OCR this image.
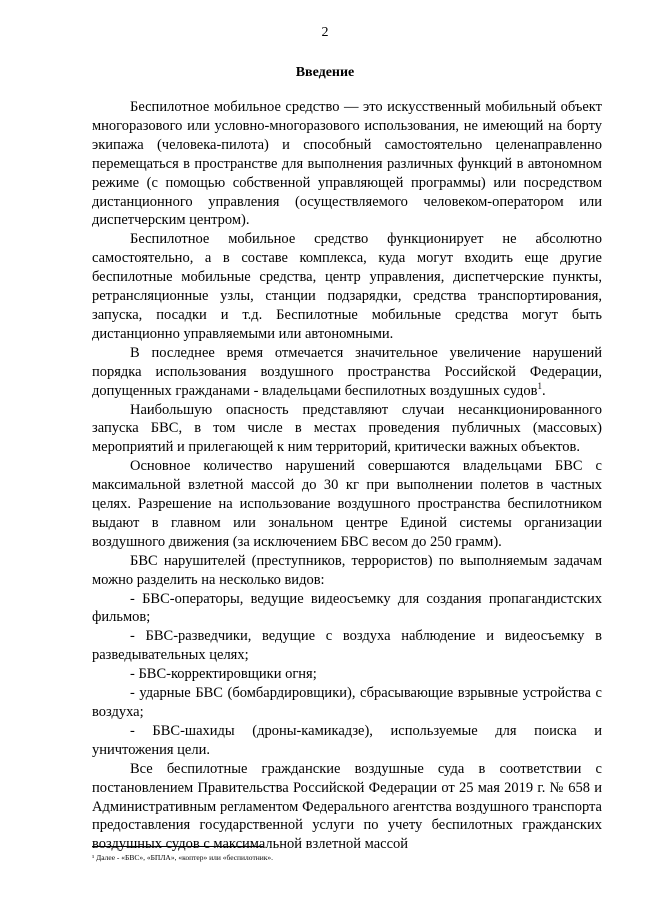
2
Введение

Беспилотное мобильное средство — это искусственный мобильный объект многоразового или условно-многоразового использования, не имеющий на борту экипажа (человека-пилота) и способный самостоятельно целенаправленно перемещаться в пространстве для выполнения различных функций в автономном режиме (с помощью собственной управляющей программы) или посредством дистанционного управления (осуществляемого человеком-оператором или диспетчерским центром).

Беспилотное мобильное средство функционирует не абсолютно самостоятельно, а в составе комплекса, куда могут входить еще другие беспилотные мобильные средства, центр управления, диспетчерские пункты, ретрансляционные узлы, станции подзарядки, средства транспортирования, запуска, посадки и т.д. Беспилотные мобильные средства могут быть дистанционно управляемыми или автономными.

В последнее время отмечается значительное увеличение нарушений порядка использования воздушного пространства Российской Федерации, допущенных гражданами - владельцами беспилотных воздушных судов$^1$.

Наибольшую опасность представляют случаи несанкционированного запуска БВС, в том числе в местах проведения публичных (массовых) мероприятий и прилегающей к ним территорий, критически важных объектов.

Основное количество нарушений совершаются владельцами БВС с максимальной взлетной массой до 30 кг при выполнении полетов в частных целях. Разрешение на использование воздушного пространства беспилотником выдают в главном или зональном центре Единой системы организации воздушного движения (за исключением БВС весом до 250 грамм).

БВС нарушителей (преступников, террористов) по выполняемым задачам можно разделить на несколько видов:

- БВС-операторы, ведущие видеосъемку для создания пропагандистских фильмов;

- БВС-разведчики, ведущие с воздуха наблюдение и видеосъемку в разведывательных целях;

- БВС-корректировщики огня;

- ударные БВС (бомбардировщики), сбрасывающие взрывные устройства с воздуха;

- БВС-шахиды (дроны-камикадзе), используемые для поиска и уничтожения цели.

Все беспилотные гражданские воздушные суда в соответствии с постановлением Правительства Российской Федерации от 25 мая 2019 г. № 658 и Административным регламентом Федерального агентства воздушного транспорта предоставления государственной услуги по учету беспилотных гражданских воздушных судов с максимальной взлетной массой

¹ Далее - «БВС», «БПЛА», «коптер» или «беспилотник».
